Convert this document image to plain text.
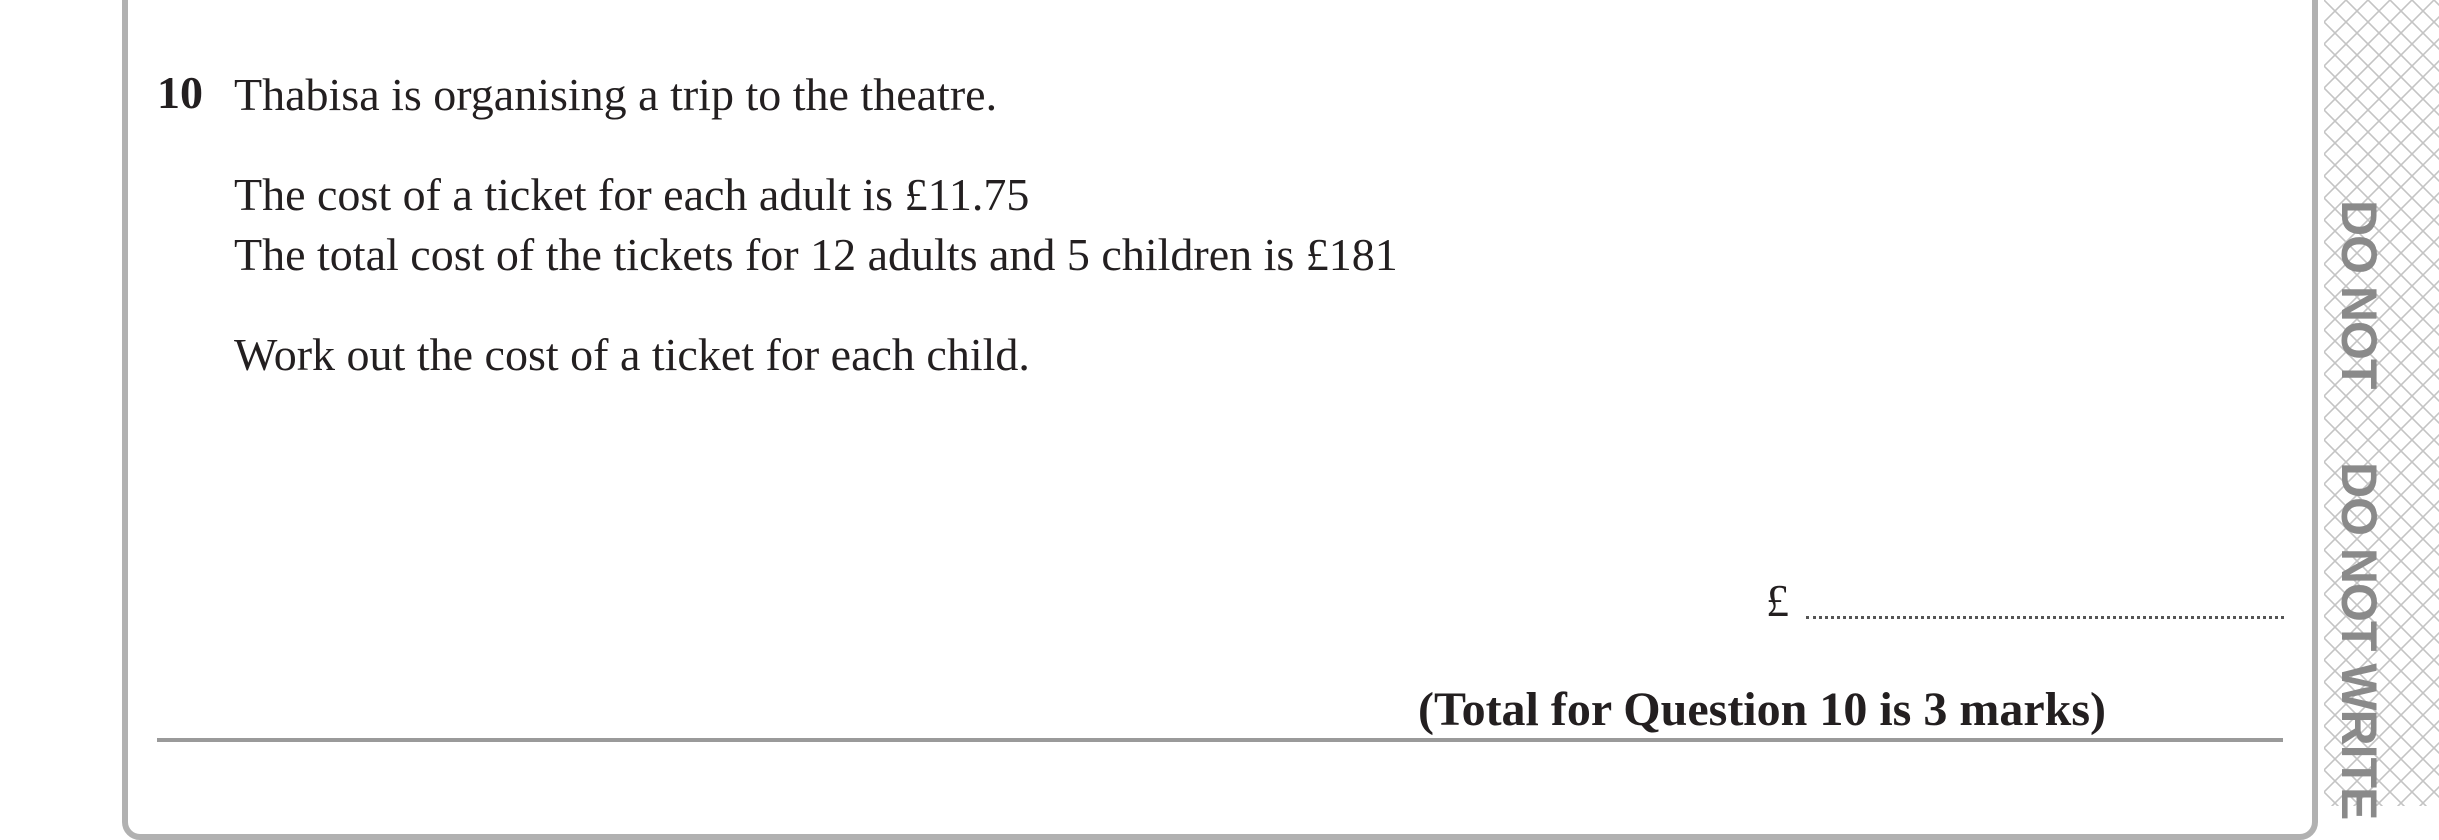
DO NOT
DO NOT WRITE
10 Thabisa is organising a trip to the theatre.
The cost of a ticket for each adult is £11.75
The total cost of the tickets for 12 adults and 5 children is £181
Work out the cost of a ticket for each child.
£
(Total for Question 10 is 3 marks)
